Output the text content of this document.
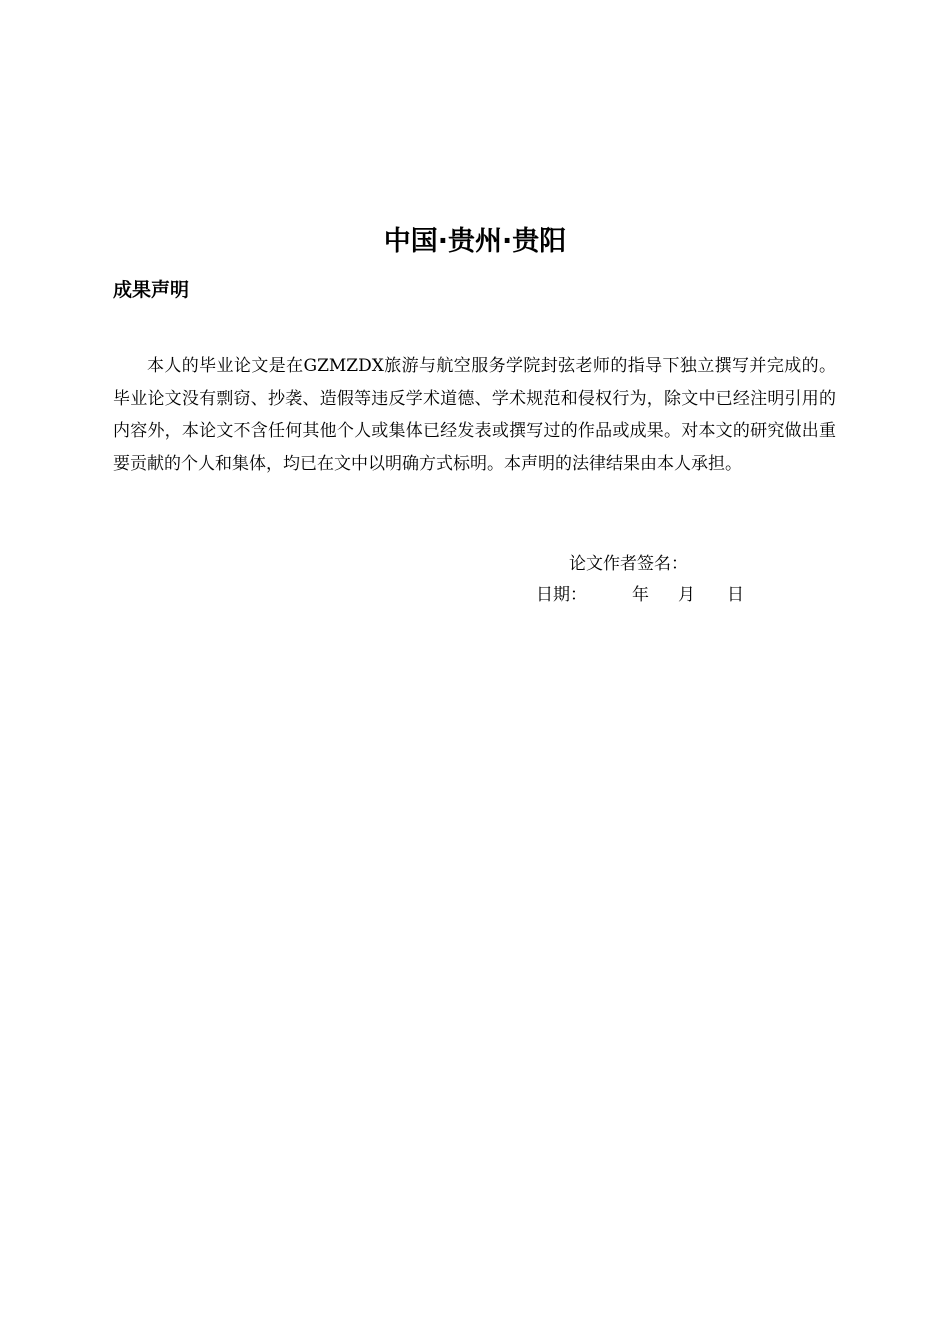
中国·贵州·贵阳
成果声明

本人的毕业论文是在GZMZDX旅游与航空服务学院封弦老师的指导下独立撰写并完成的。毕业论文没有剽窃、抄袭、造假等违反学术道德、学术规范和侵权行为，除文中已经注明引用的内容外，本论文不含任何其他个人或集体已经发表或撰写过的作品或成果。对本文的研究做出重要贡献的个人和集体，均已在文中以明确方式标明。本声明的法律结果由本人承担。

论文作者签名：
日期：	年 月 日
